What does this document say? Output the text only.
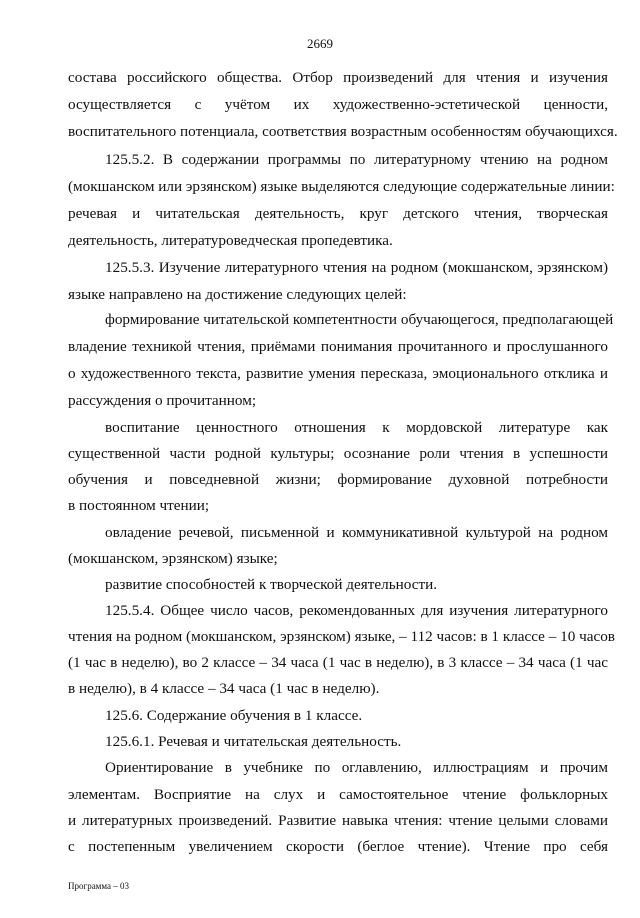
2669
состава российского общества. Отбор произведений для чтения и изучения
осуществляется с учётом их художественно-эстетической ценности,
воспитательного потенциала, соответствия возрастным особенностям обучающихся.
125.5.2. В содержании программы по литературному чтению на родном
(мокшанском или эрзянском) языке выделяются следующие содержательные линии:
речевая и читательская деятельность, круг детского чтения, творческая
деятельность, литературоведческая пропедевтика.
125.5.3. Изучение литературного чтения на родном (мокшанском, эрзянском)
языке направлено на достижение следующих целей:
формирование читательской компетентности обучающегося, предполагающей
владение техникой чтения, приёмами понимания прочитанного и прослушанного
о художественного текста, развитие умения пересказа, эмоционального отклика и
рассуждения о прочитанном;
воспитание ценностного отношения к мордовской литературе как
существенной части родной культуры; осознание роли чтения в успешности
обучения и повседневной жизни; формирование духовной потребности
в постоянном чтении;
овладение речевой, письменной и коммуникативной культурой на родном
(мокшанском, эрзянском) языке;
развитие способностей к творческой деятельности.
125.5.4. Общее число часов, рекомендованных для изучения литературного
чтения на родном (мокшанском, эрзянском) языке, – 112 часов: в 1 классе – 10 часов
(1 час в неделю), во 2 классе – 34 часа (1 час в неделю), в 3 классе – 34 часа (1 час
в неделю), в 4 классе – 34 часа (1 час в неделю).
125.6. Содержание обучения в 1 классе.
125.6.1. Речевая и читательская деятельность.
Ориентирование в учебнике по оглавлению, иллюстрациям и прочим
элементам. Восприятие на слух и самостоятельное чтение фольклорных
и литературных произведений. Развитие навыка чтения: чтение целыми словами
с постепенным увеличением скорости (беглое чтение). Чтение про себя
Программа – 03
